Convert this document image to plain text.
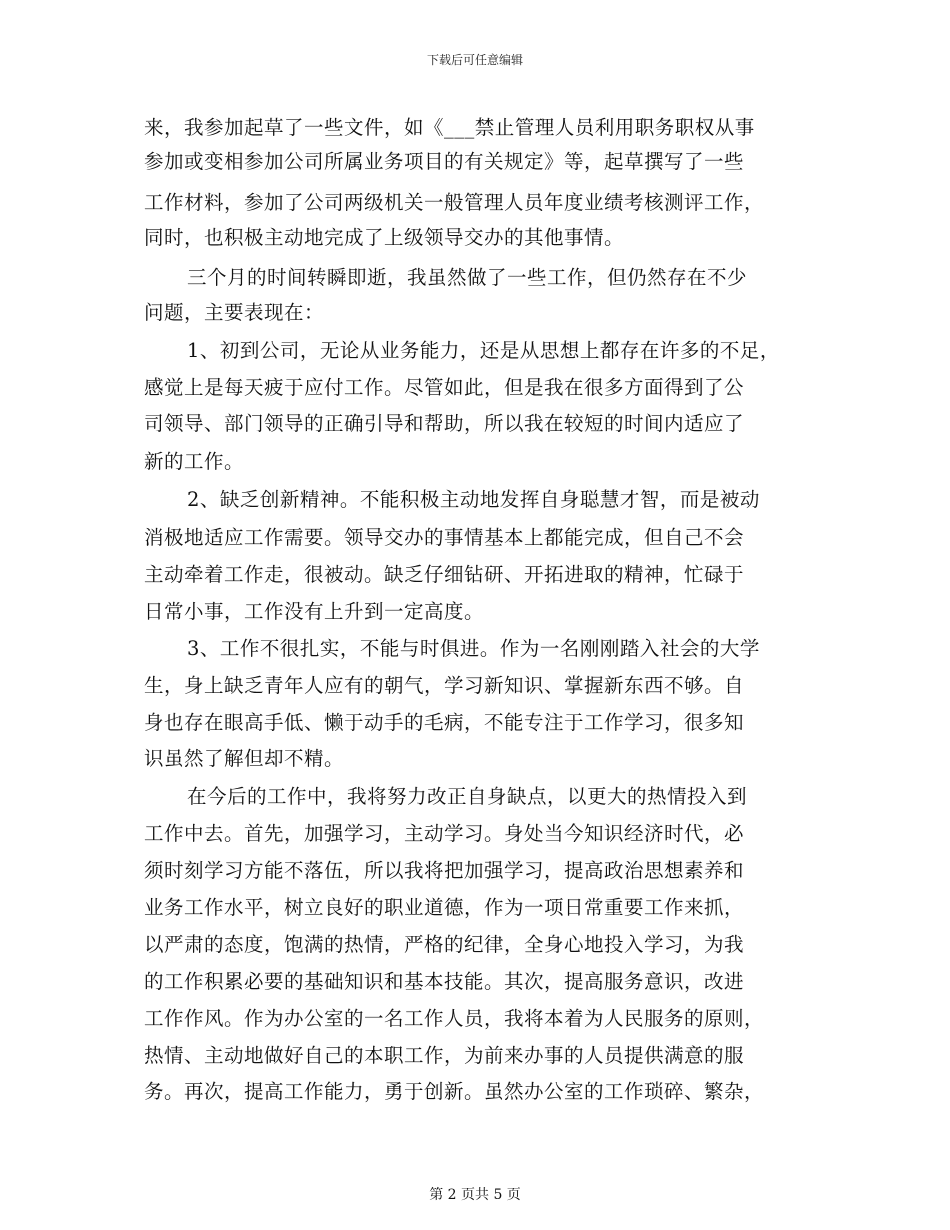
下载后可任意编辑
来，我参加起草了一些文件，如《___禁止管理人员利用职务职权从事
参加或变相参加公司所属业务项目的有关规定》等，起草撰写了一些
工作材料，参加了公司两级机关一般管理人员年度业绩考核测评工作，
同时，也积极主动地完成了上级领导交办的其他事情。
三个月的时间转瞬即逝，我虽然做了一些工作，但仍然存在不少
问题，主要表现在：
1、初到公司，无论从业务能力，还是从思想上都存在许多的不足，
感觉上是每天疲于应付工作。尽管如此，但是我在很多方面得到了公
司领导、部门领导的正确引导和帮助，所以我在较短的时间内适应了
新的工作。
2、缺乏创新精神。不能积极主动地发挥自身聪慧才智，而是被动
消极地适应工作需要。领导交办的事情基本上都能完成，但自己不会
主动牵着工作走，很被动。缺乏仔细钻研、开拓进取的精神，忙碌于
日常小事，工作没有上升到一定高度。
3、工作不很扎实，不能与时俱进。作为一名刚刚踏入社会的大学
生，身上缺乏青年人应有的朝气，学习新知识、掌握新东西不够。自
身也存在眼高手低、懒于动手的毛病，不能专注于工作学习，很多知
识虽然了解但却不精。
在今后的工作中，我将努力改正自身缺点，以更大的热情投入到
工作中去。首先，加强学习，主动学习。身处当今知识经济时代，必
须时刻学习方能不落伍，所以我将把加强学习，提高政治思想素养和
业务工作水平，树立良好的职业道德，作为一项日常重要工作来抓，
以严肃的态度，饱满的热情，严格的纪律，全身心地投入学习，为我
的工作积累必要的基础知识和基本技能。其次，提高服务意识，改进
工作作风。作为办公室的一名工作人员，我将本着为人民服务的原则，
热情、主动地做好自己的本职工作，为前来办事的人员提供满意的服
务。再次，提高工作能力，勇于创新。虽然办公室的工作琐碎、繁杂，
第 2 页共 5 页
